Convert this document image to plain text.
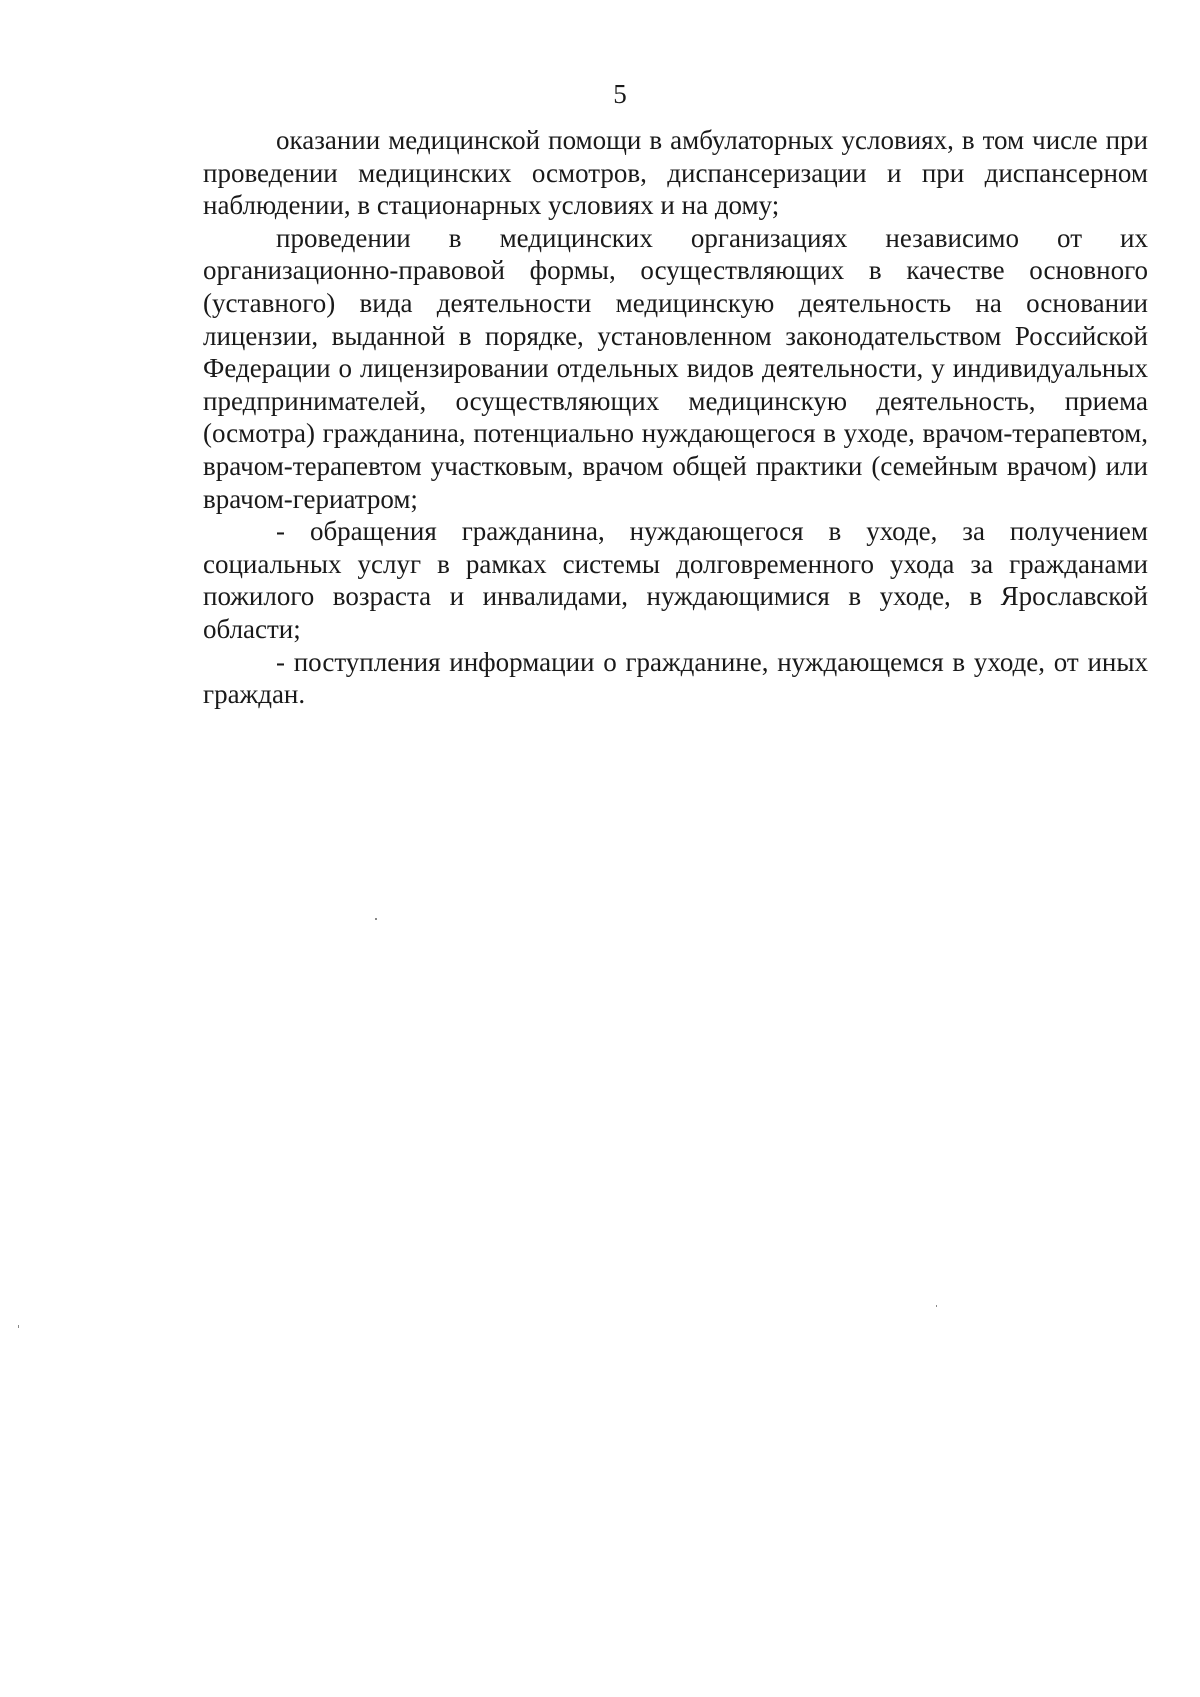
5

оказании медицинской помощи в амбулаторных условиях, в том числе при проведении медицинских осмотров, диспансеризации и при диспансерном наблюдении, в стационарных условиях и на дому;

проведении в медицинских организациях независимо от их организационно-правовой формы, осуществляющих в качестве основного (уставного) вида деятельности медицинскую деятельность на основании лицензии, выданной в порядке, установленном законодательством Российской Федерации о лицензировании отдельных видов деятельности, у индивидуальных предпринимателей, осуществляющих медицинскую деятельность, приема (осмотра) гражданина, потенциально нуждающегося в уходе, врачом-терапевтом, врачом-терапевтом участковым, врачом общей практики (семейным врачом) или врачом-гериатром;

- обращения гражданина, нуждающегося в уходе, за получением социальных услуг в рамках системы долговременного ухода за гражданами пожилого возраста и инвалидами, нуждающимися в уходе, в Ярославской области;

- поступления информации о гражданине, нуждающемся в уходе, от иных граждан.
